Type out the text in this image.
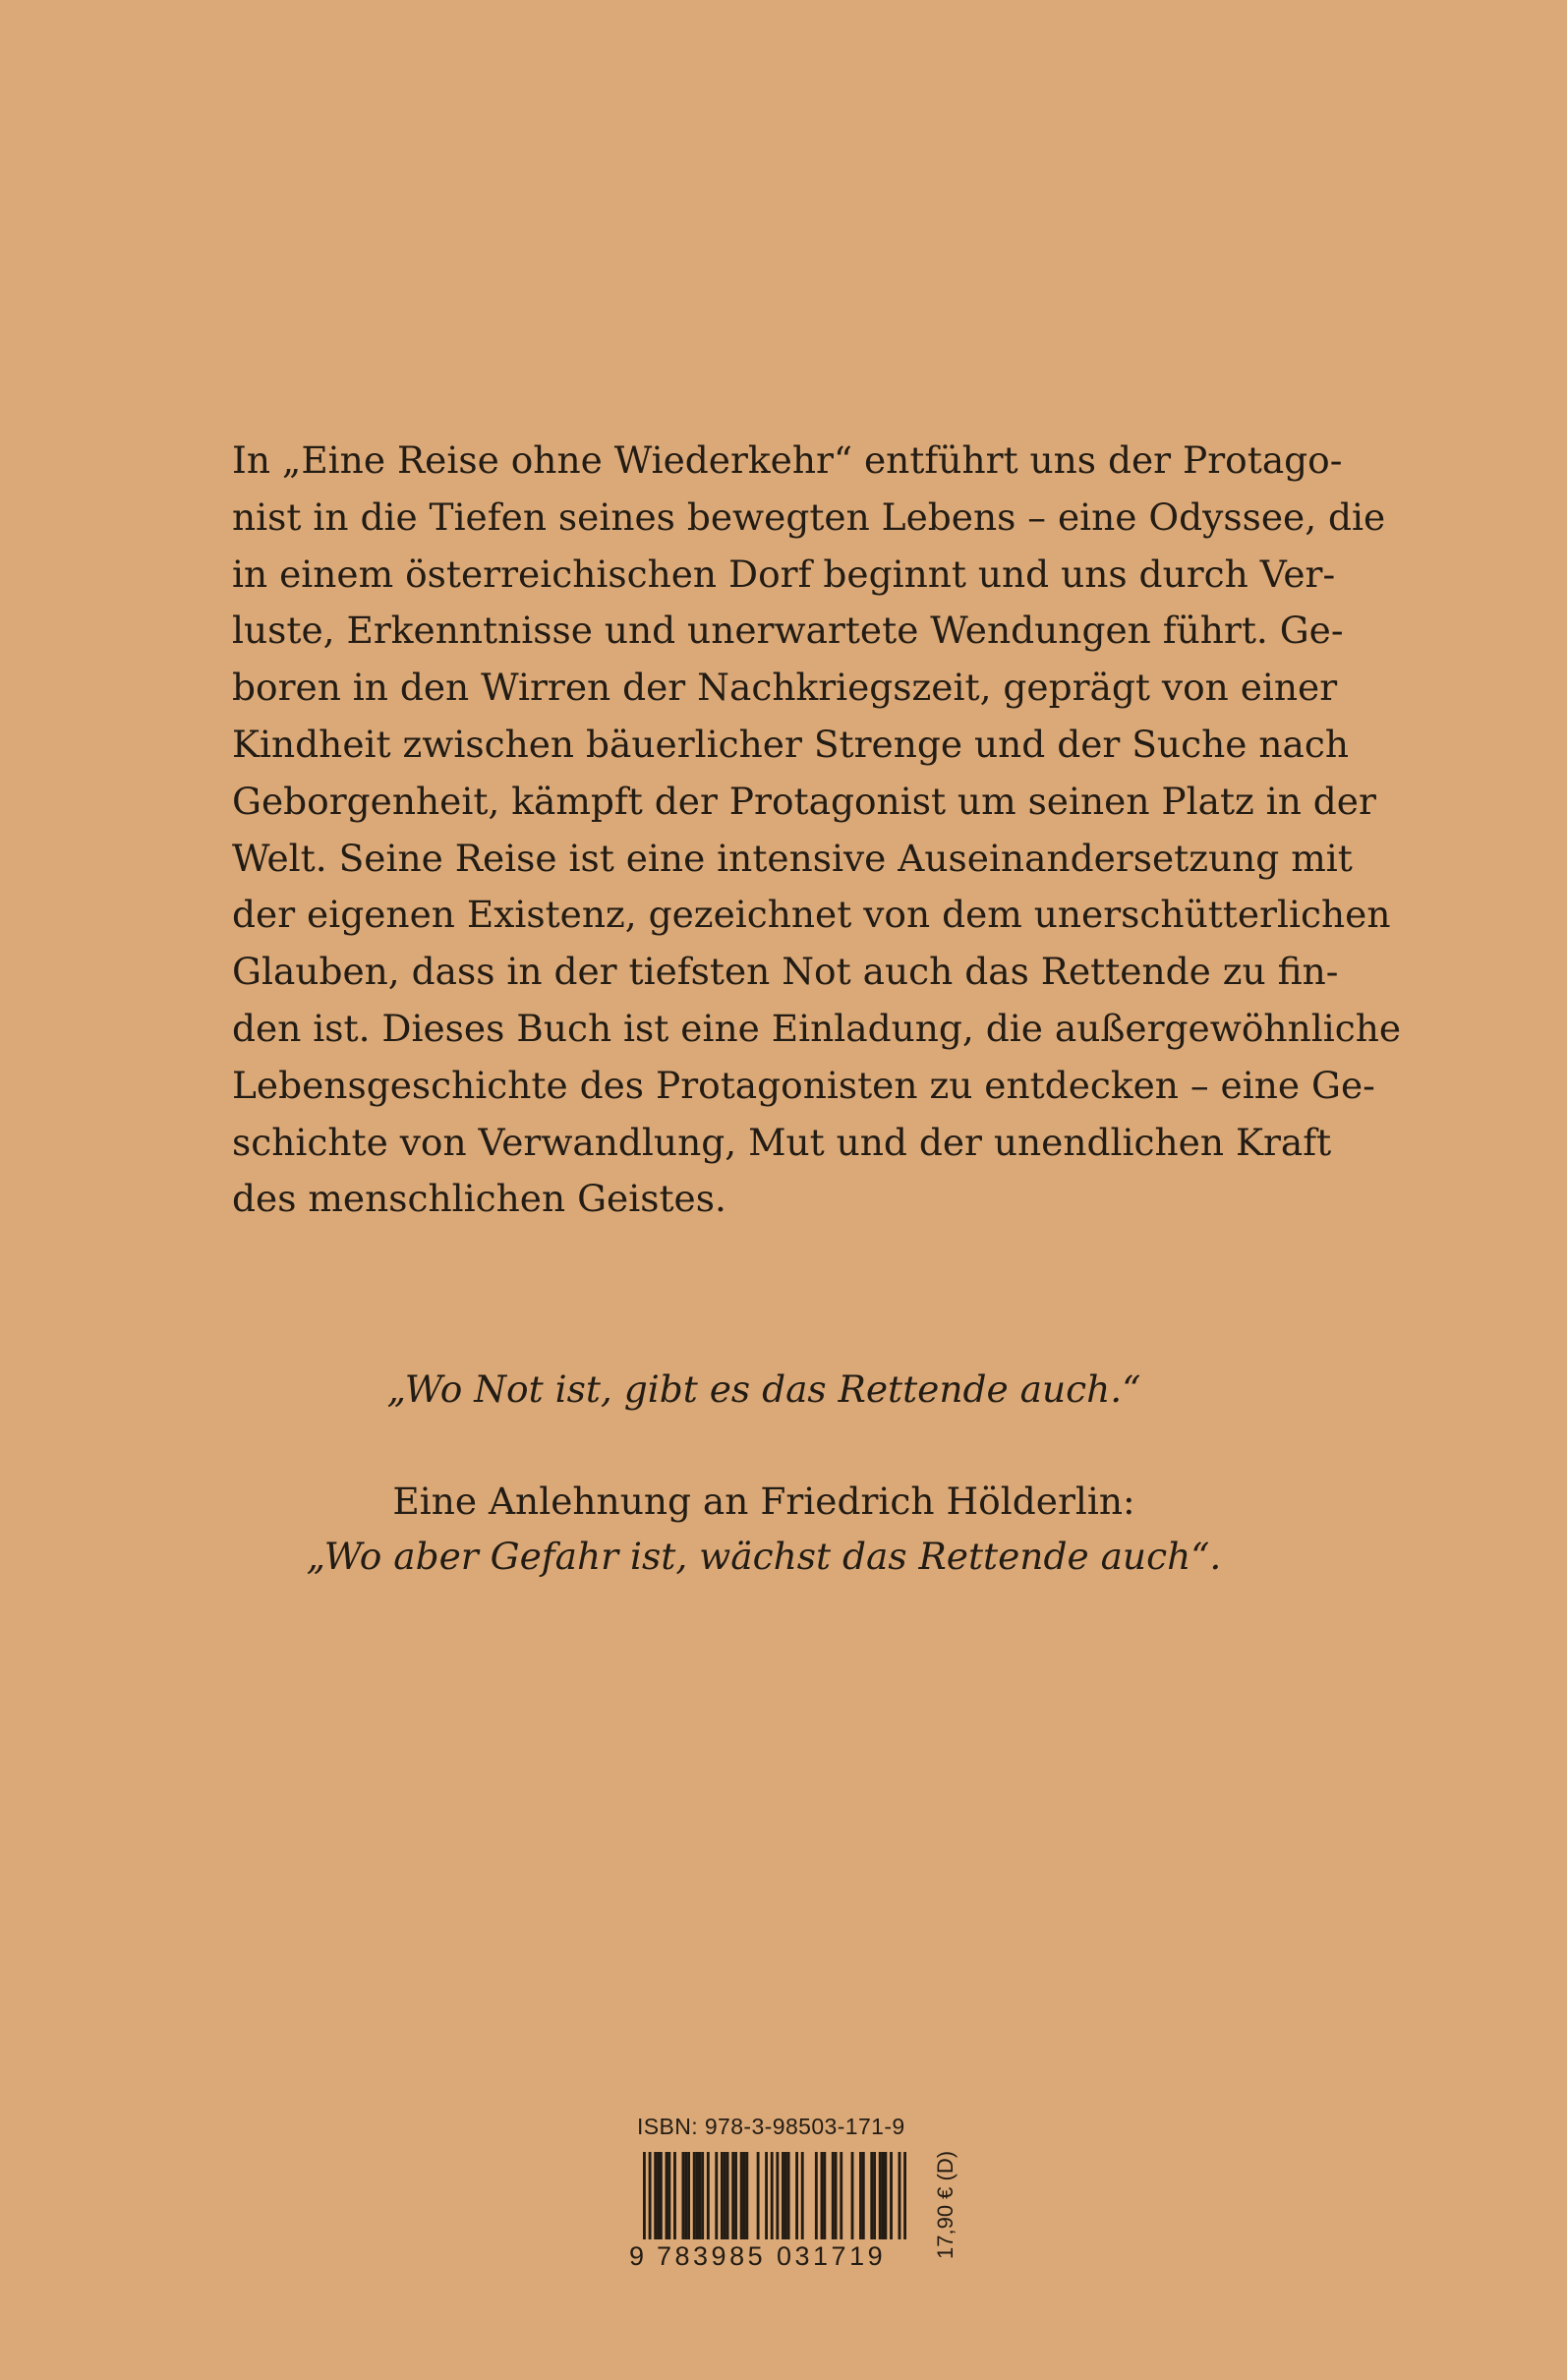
In „Eine Reise ohne Wiederkehr“ entführt uns der Protago-
nist in die Tiefen seines bewegten Lebens – eine Odyssee, die
in einem österreichischen Dorf beginnt und uns durch Ver-
luste, Erkenntnisse und unerwartete Wendungen führt. Ge-
boren in den Wirren der Nachkriegszeit, geprägt von einer
Kindheit zwischen bäuerlicher Strenge und der Suche nach
Geborgenheit, kämpft der Protagonist um seinen Platz in der
Welt. Seine Reise ist eine intensive Auseinandersetzung mit
der eigenen Existenz, gezeichnet von dem unerschütterlichen
Glauben, dass in der tiefsten Not auch das Rettende zu fin-
den ist. Dieses Buch ist eine Einladung, die außergewöhnliche
Lebensgeschichte des Protagonisten zu entdecken – eine Ge-
schichte von Verwandlung, Mut und der unendlichen Kraft
des menschlichen Geistes.
„Wo Not ist, gibt es das Rettende auch.“
Eine Anlehnung an Friedrich Hölderlin:
„Wo aber Gefahr ist, wächst das Rettende auch“.
ISBN: 978-3-98503-171-9
9 783985 031719 17,90 € (D)
